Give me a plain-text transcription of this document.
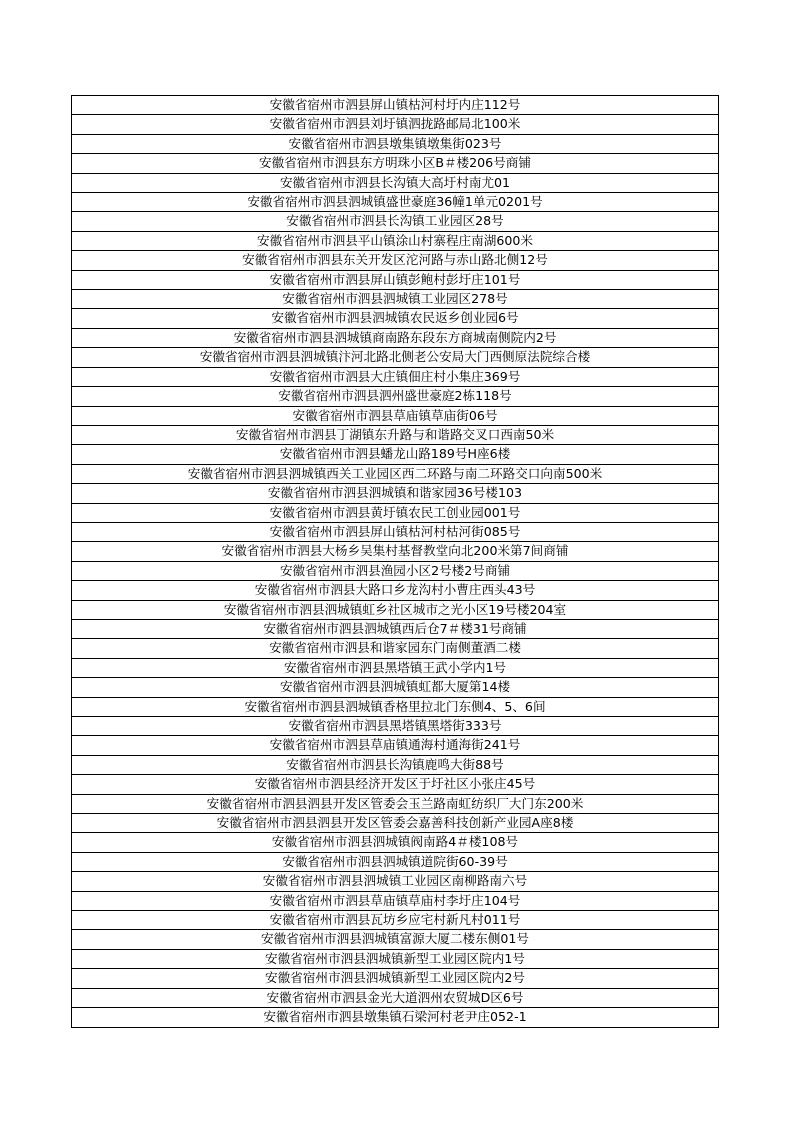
安徽省宿州市泗县屏山镇枯河村圩内庄112号
安徽省宿州市泗县刘圩镇泗拢路邮局北100米
安徽省宿州市泗县墩集镇墩集街023号
安徽省宿州市泗县东方明珠小区B＃楼206号商铺
安徽省宿州市泗县长沟镇大高圩村南尤01
安徽省宿州市泗县泗城镇盛世豪庭36幢1单元0201号
安徽省宿州市泗县长沟镇工业园区28号
安徽省宿州市泗县平山镇涂山村寨程庄南湖600米
安徽省宿州市泗县东关开发区沱河路与赤山路北侧12号
安徽省宿州市泗县屏山镇彭鲍村彭圩庄101号
安徽省宿州市泗县泗城镇工业园区278号
安徽省宿州市泗县泗城镇农民返乡创业园6号
安徽省宿州市泗县泗城镇商南路东段东方商城南侧院内2号
安徽省宿州市泗县泗城镇汴河北路北侧老公安局大门西侧原法院综合楼
安徽省宿州市泗县大庄镇佃庄村小集庄369号
安徽省宿州市泗县泗州盛世豪庭2栋118号
安徽省宿州市泗县草庙镇草庙街06号
安徽省宿州市泗县丁湖镇东升路与和谐路交叉口西南50米
安徽省宿州市泗县蟠龙山路189号H座6楼
安徽省宿州市泗县泗城镇西关工业园区西二环路与南二环路交口向南500米
安徽省宿州市泗县泗城镇和谐家园36号楼103
安徽省宿州市泗县黄圩镇农民工创业园001号
安徽省宿州市泗县屏山镇枯河村枯河街085号
安徽省宿州市泗县大杨乡吴集村基督教堂向北200米第7间商铺
安徽省宿州市泗县渔园小区2号楼2号商铺
安徽省宿州市泗县大路口乡龙沟村小曹庄西头43号
安徽省宿州市泗县泗城镇虹乡社区城市之光小区19号楼204室
安徽省宿州市泗县泗城镇西后仓7＃楼31号商铺
安徽省宿州市泗县和谐家园东门南侧董酒二楼
安徽省宿州市泗县黑塔镇王武小学内1号
安徽省宿州市泗县泗城镇虹都大厦第14楼
安徽省宿州市泗县泗城镇香格里拉北门东侧4、5、6间
安徽省宿州市泗县黑塔镇黑塔街333号
安徽省宿州市泗县草庙镇通海村通海街241号
安徽省宿州市泗县长沟镇鹿鸣大街88号
安徽省宿州市泗县经济开发区于圩社区小张庄45号
安徽省宿州市泗县泗县开发区管委会玉兰路南虹纺织厂大门东200米
安徽省宿州市泗县泗县开发区管委会嘉善科技创新产业园A座8楼
安徽省宿州市泗县泗城镇阀南路4＃楼108号
安徽省宿州市泗县泗城镇道院街60-39号
安徽省宿州市泗县泗城镇工业园区南柳路南六号
安徽省宿州市泗县草庙镇草庙村李圩庄104号
安徽省宿州市泗县瓦坊乡应宅村新凡村011号
安徽省宿州市泗县泗城镇富源大厦二楼东侧01号
安徽省宿州市泗县泗城镇新型工业园区院内1号
安徽省宿州市泗县泗城镇新型工业园区院内2号
安徽省宿州市泗县金光大道泗州农贸城D区6号
安徽省宿州市泗县墩集镇石梁河村老尹庄052-1
